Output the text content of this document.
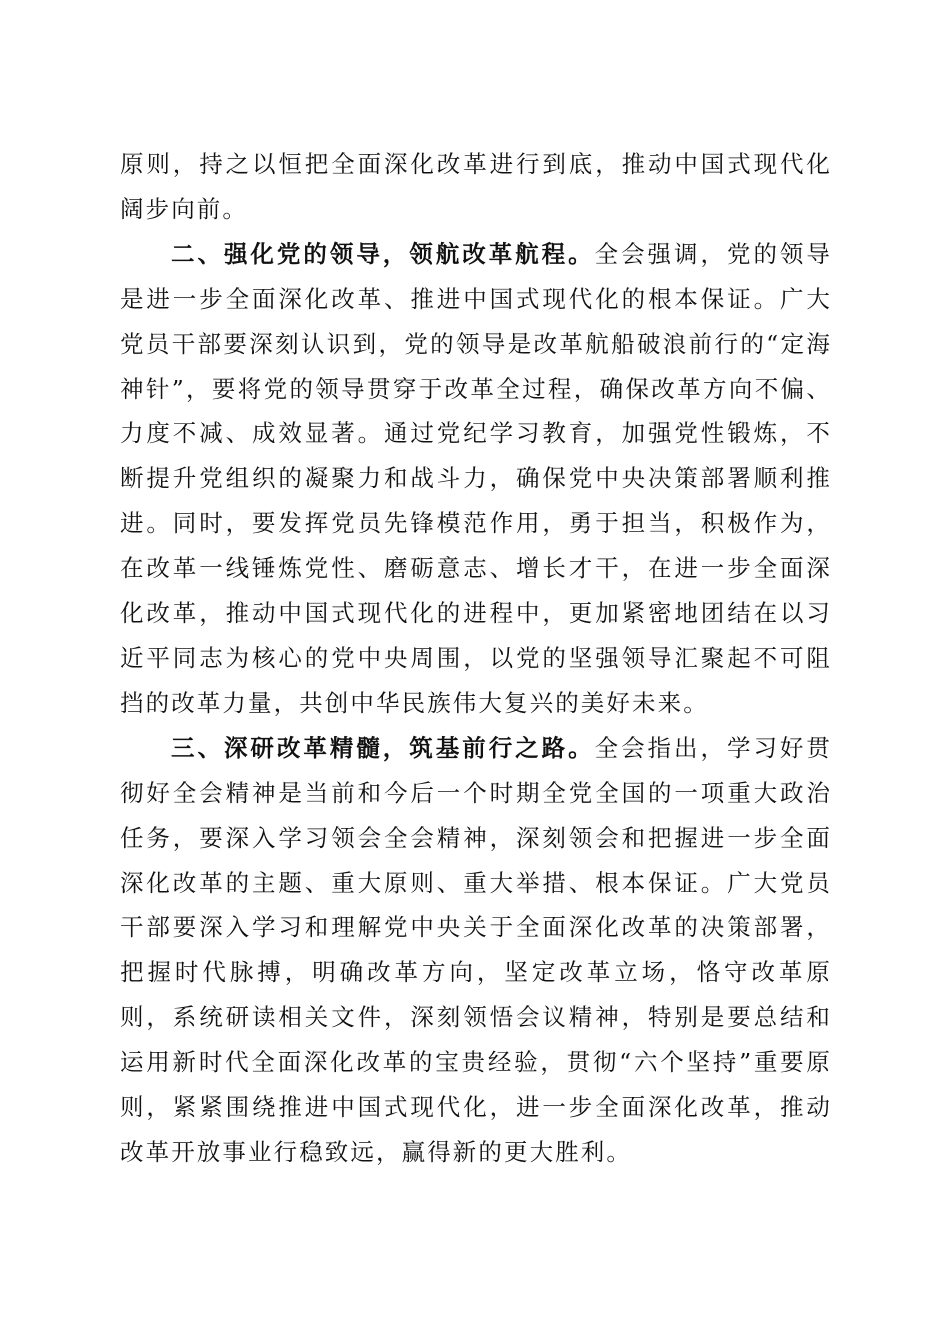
原则，持之以恒把全面深化改革进行到底，推动中国式现代化阔步向前。

二、强化党的领导，领航改革航程。全会强调，党的领导是进一步全面深化改革、推进中国式现代化的根本保证。广大党员干部要深刻认识到，党的领导是改革航船破浪前行的“定海神针”，要将党的领导贯穿于改革全过程，确保改革方向不偏、力度不减、成效显著。通过党纪学习教育，加强党性锻炼，不断提升党组织的凝聚力和战斗力，确保党中央决策部署顺利推进。同时，要发挥党员先锋模范作用，勇于担当，积极作为，在改革一线锤炼党性、磨砺意志、增长才干，在进一步全面深化改革，推动中国式现代化的进程中，更加紧密地团结在以习近平同志为核心的党中央周围，以党的坚强领导汇聚起不可阻挡的改革力量，共创中华民族伟大复兴的美好未来。

三、深研改革精髓，筑基前行之路。全会指出，学习好贯彻好全会精神是当前和今后一个时期全党全国的一项重大政治任务，要深入学习领会全会精神，深刻领会和把握进一步全面深化改革的主题、重大原则、重大举措、根本保证。广大党员干部要深入学习和理解党中央关于全面深化改革的决策部署，把握时代脉搏，明确改革方向，坚定改革立场，恪守改革原则，系统研读相关文件，深刻领悟会议精神，特别是要总结和运用新时代全面深化改革的宝贵经验，贯彻“六个坚持”重要原则，紧紧围绕推进中国式现代化，进一步全面深化改革，推动改革开放事业行稳致远，赢得新的更大胜利。
